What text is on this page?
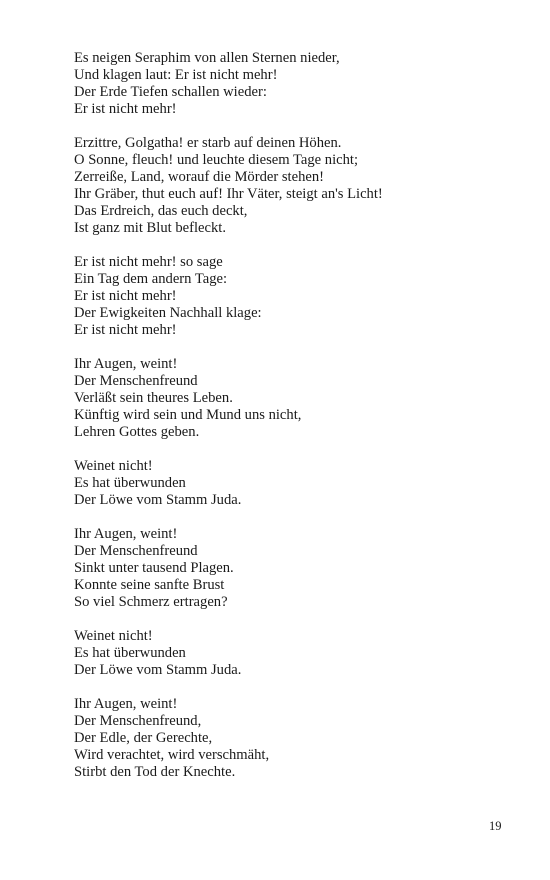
Es neigen Seraphim von allen Sternen nieder,
Und klagen laut: Er ist nicht mehr!
Der Erde Tiefen schallen wieder:
Er ist nicht mehr!
Erzittre, Golgatha! er starb auf deinen Höhen.
O Sonne, fleuch! und leuchte diesem Tage nicht;
Zerreiße, Land, worauf die Mörder stehen!
Ihr Gräber, thut euch auf! Ihr Väter, steigt an's Licht!
Das Erdreich, das euch deckt,
Ist ganz mit Blut befleckt.
Er ist nicht mehr! so sage
Ein Tag dem andern Tage:
Er ist nicht mehr!
Der Ewigkeiten Nachhall klage:
Er ist nicht mehr!
Ihr Augen, weint!
Der Menschenfreund
Verläßt sein theures Leben.
Künftig wird sein und Mund uns nicht,
Lehren Gottes geben.
Weinet nicht!
Es hat überwunden
Der Löwe vom Stamm Juda.
Ihr Augen, weint!
Der Menschenfreund
Sinkt unter tausend Plagen.
Konnte seine sanfte Brust
So viel Schmerz ertragen?
Weinet nicht!
Es hat überwunden
Der Löwe vom Stamm Juda.
Ihr Augen, weint!
Der Menschenfreund,
Der Edle, der Gerechte,
Wird verachtet, wird verschmäht,
Stirbt den Tod der Knechte.
19
